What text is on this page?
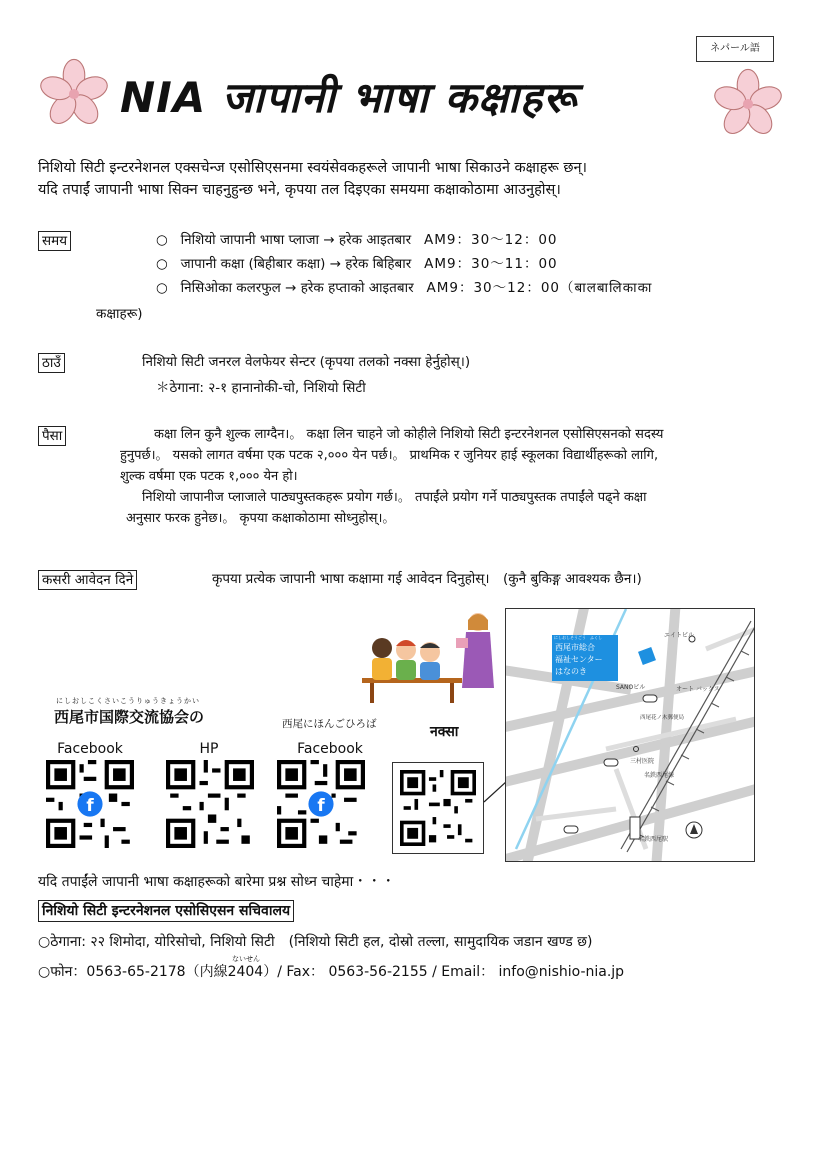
ネパール語
NIA जापानी भाषा कक्षाहरू
निशियो सिटी इन्टरनेशनल एक्सचेन्ज एसोसिएसनमा स्वयंसेवकहरूले जापानी भाषा सिकाउने कक्षाहरू छन्।
यदि तपाईं जापानी भाषा सिक्न चाहनुहुन्छ भने, कृपया तल दिइएका समयमा कक्षाकोठामा आउनुहोस्।
समय	○ निशियो जापानी भाषा प्लाजा → हरेक आइतबार AM9：30〜12：00
○ जापानी कक्षा (बिहीबार कक्षा) → हरेक बिहिबार AM9：30〜11：00
○ निसिओका कलरफुल → हरेक हप्ताको आइतबार AM9：30〜12：00（बालबालिकाका
कक्षाहरू)
ठाउँ	निशियो सिटी जनरल वेलफेयर सेन्टर (कृपया तलको नक्सा हेर्नुहोस्।)
＊ठेगाना: २-१ हानानोकी-चो, निशियो सिटी
पैसा	कक्षा लिन कुनै शुल्क लाग्दैन।。 कक्षा लिन चाहने जो कोहीले निशियो सिटी इन्टरनेशनल एसोसिएसनको सदस्य
हुनुपर्छ।。 यसको लागत वर्षमा एक पटक २,००० येन पर्छ।。 प्राथमिक र जुनियर हाई स्कूलका विद्यार्थीहरूको लागि,
शुल्क वर्षमा एक पटक १,००० येन हो।
निशियो जापानीज प्लाजाले पाठ्यपुस्तकहरू प्रयोग गर्छ।。 तपाईंले प्रयोग गर्ने पाठ्यपुस्तक तपाईंले पढ्ने कक्षा
अनुसार फरक हुनेछ।。 कृपया कक्षाकोठामा सोध्नुहोस्।。
कसरी आवेदन दिने	कृपया प्रत्येक जापानी भाषा कक्षामा गई आवेदन दिनुहोस्।　(कुनै बुकिङ्ग आवश्यक छैन।)
にしおしこくさいこうりゅうきょうかい
西尾市国際交流協会の	西尾にほんごひろば	नक्सा
Facebook	HP	Facebook
f	f
にしおしそうごう　ふくし
西尾市総合
福祉センター
はなのき
エイトビル
SANOビル	オート バックス
西尾花ノ木郵便局
三村医院
名鉄西尾線
名鉄西尾駅
यदि तपाईंले जापानी भाषा कक्षाहरूको बारेमा प्रश्न सोध्न चाहेमा・・・
निशियो सिटी इन्टरनेशनल एसोसिएसन सचिवालय
○ठेगाना: २२ शिमोदा, योरिसोचो, निशियो सिटी　(निशियो सिटी हल, दोस्रो तल्ला, सामुदायिक जडान खण्ड छ)
ないせん
○फोन：0563-65-2178（内線2404）/ Fax： 0563-56-2155 / Email： info@nishio-nia.jp
